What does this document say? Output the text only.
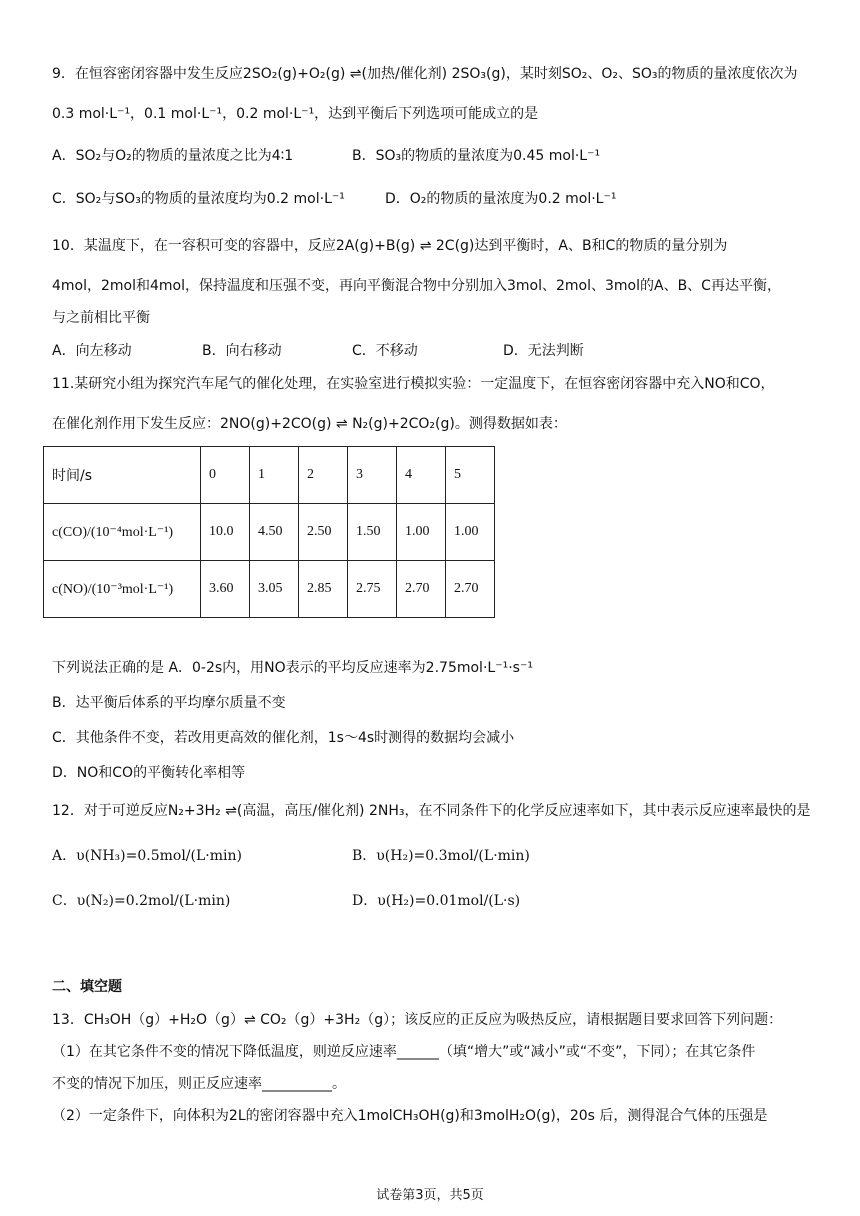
9．在恒容密闭容器中发生反应2SO₂(g)+O₂(g) ⇌(加热/催化剂) 2SO₃(g)，某时刻SO₂、O₂、SO₃的物质的量浓度依次为
0.3 mol·L⁻¹，0.1 mol·L⁻¹，0.2 mol·L⁻¹，达到平衡后下列选项可能成立的是
A．SO₂与O₂的物质的量浓度之比为4∶1	B．SO₃的物质的量浓度为0.45 mol·L⁻¹
C．SO₂与SO₃的物质的量浓度均为0.2 mol·L⁻¹	D．O₂的物质的量浓度为0.2 mol·L⁻¹
10．某温度下，在一容积可变的容器中，反应2A(g)+B(g) ⇌ 2C(g)达到平衡时，A、B和C的物质的量分别为
4mol，2mol和4mol，保持温度和压强不变，再向平衡混合物中分别加入3mol、2mol、3mol的A、B、C再达平衡，
与之前相比平衡
A．向左移动	B．向右移动	C．不移动	D．无法判断
11.某研究小组为探究汽车尾气的催化处理，在实验室进行模拟实验：一定温度下，在恒容密闭容器中充入NO和CO，
在催化剂作用下发生反应：2NO(g)+2CO(g) ⇌ N₂(g)+2CO₂(g)。测得数据如表：
时间/s	0	1	2	3	4	5
c(CO)/(10⁻⁴mol·L⁻¹)	10.0	4.50	2.50	1.50	1.00	1.00
c(NO)/(10⁻³mol·L⁻¹)	3.60	3.05	2.85	2.75	2.70	2.70
下列说法正确的是 A．0-2s内，用NO表示的平均反应速率为2.75mol·L⁻¹·s⁻¹
B．达平衡后体系的平均摩尔质量不变
C．其他条件不变，若改用更高效的催化剂，1s～4s时测得的数据均会减小
D．NO和CO的平衡转化率相等
12．对于可逆反应N₂+3H₂ ⇌(高温，高压/催化剂) 2NH₃，在不同条件下的化学反应速率如下，其中表示反应速率最快的是
A．υ(NH₃)=0.5mol/(L·min)	B．υ(H₂)=0.3mol/(L·min)
C．υ(N₂)=0.2mol/(L·min)	D．υ(H₂)=0.01mol/(L·s)
二、填空题
13．CH₃OH（g）+H₂O（g）⇌ CO₂（g）+3H₂（g）；该反应的正反应为吸热反应，请根据题目要求回答下列问题：
（1）在其它条件不变的情况下降低温度，则逆反应速率______（填“增大”或“减小”或“不变”，下同）；在其它条件
不变的情况下加压，则正反应速率__________。
（2）一定条件下，向体积为2L的密闭容器中充入1molCH₃OH(g)和3molH₂O(g)，20s 后，测得混合气体的压强是
试卷第3页，共5页
